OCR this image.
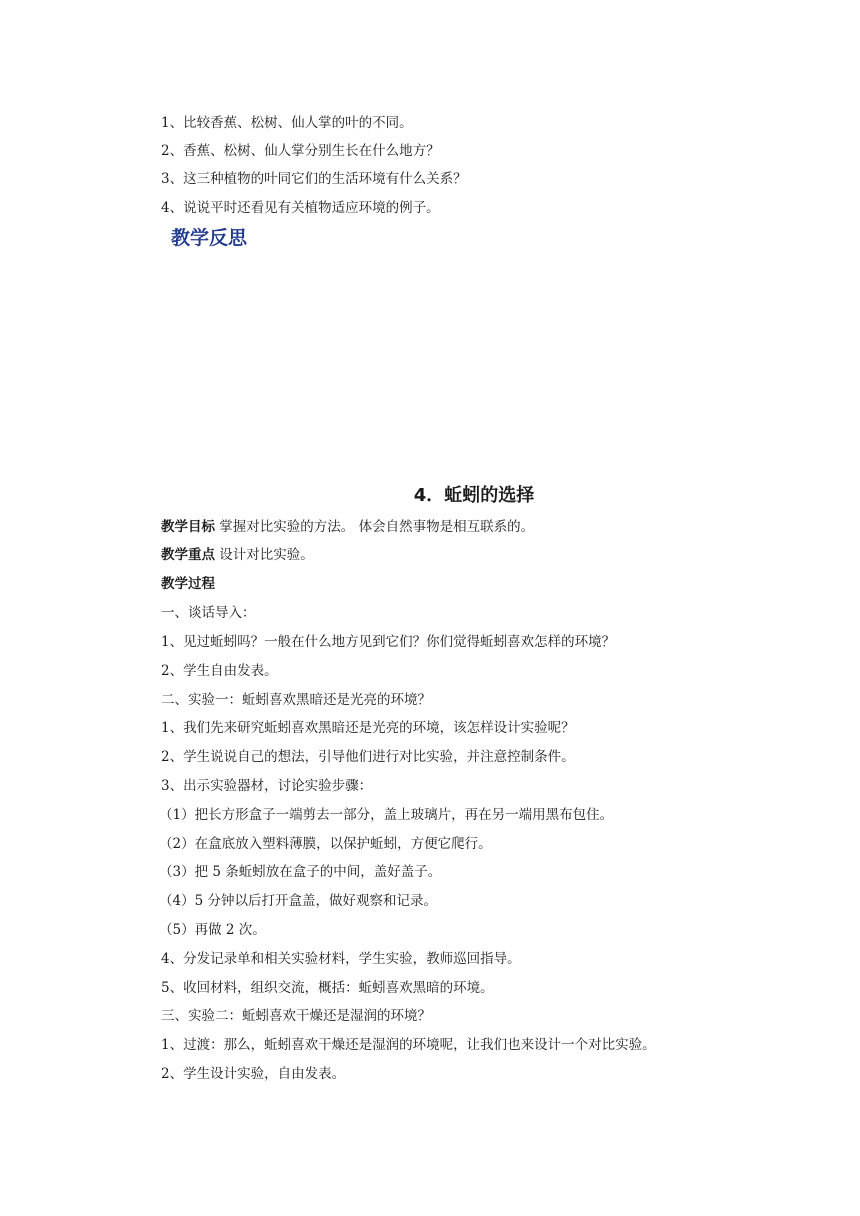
1、比较香蕉、松树、仙人掌的叶的不同。
2、香蕉、松树、仙人掌分别生长在什么地方？
3、这三种植物的叶同它们的生活环境有什么关系？
4、说说平时还看见有关植物适应环境的例子。
教学反思
4．蚯蚓的选择
教学目标 掌握对比实验的方法。 体会自然事物是相互联系的。
教学重点 设计对比实验。
教学过程
一、谈话导入：
1、见过蚯蚓吗？一般在什么地方见到它们？你们觉得蚯蚓喜欢怎样的环境？
2、学生自由发表。
二、实验一：蚯蚓喜欢黑暗还是光亮的环境？
1、我们先来研究蚯蚓喜欢黑暗还是光亮的环境，该怎样设计实验呢？
2、学生说说自己的想法，引导他们进行对比实验，并注意控制条件。
3、出示实验器材，讨论实验步骤：
（1）把长方形盒子一端剪去一部分，盖上玻璃片，再在另一端用黑布包住。
（2）在盒底放入塑料薄膜，以保护蚯蚓，方便它爬行。
（3）把 5 条蚯蚓放在盒子的中间，盖好盖子。
（4）5 分钟以后打开盒盖，做好观察和记录。
（5）再做 2 次。
4、分发记录单和相关实验材料，学生实验，教师巡回指导。
5、收回材料，组织交流，概括：蚯蚓喜欢黑暗的环境。
三、实验二：蚯蚓喜欢干燥还是湿润的环境？
1、过渡：那么，蚯蚓喜欢干燥还是湿润的环境呢，让我们也来设计一个对比实验。
2、学生设计实验，自由发表。
